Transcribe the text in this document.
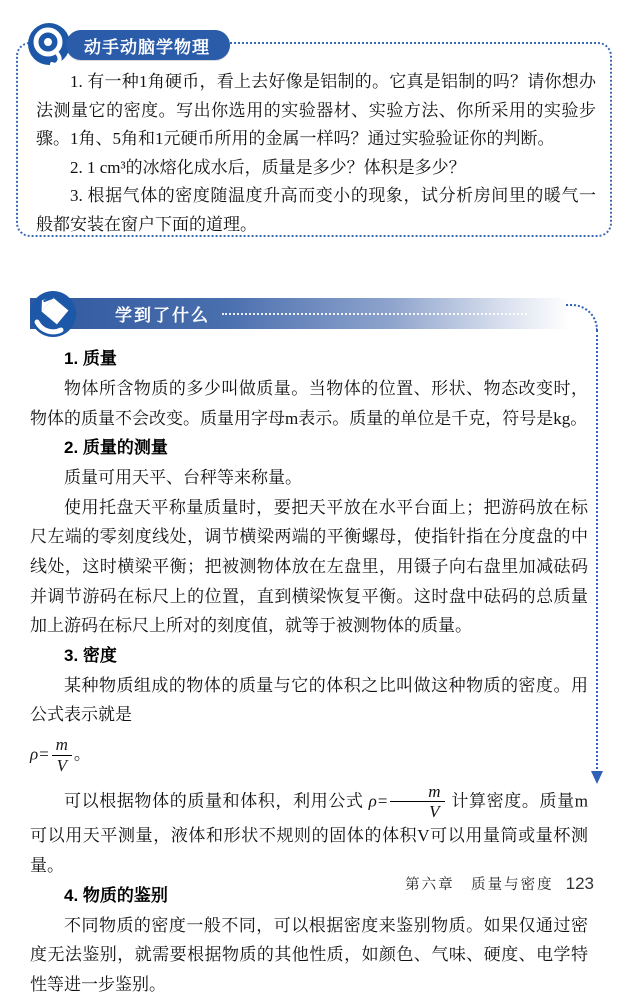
1. 有一种1角硬币，看上去好像是铝制的。它真是铝制的吗？请你想办法测量它的密度。写出你选用的实验器材、实验方法、你所采用的实验步骤。1角、5角和1元硬币所用的金属一样吗？通过实验验证你的判断。

2. 1 cm³的冰熔化成水后，质量是多少？体积是多少？

3. 根据气体的密度随温度升高而变小的现象，试分析房间里的暖气一般都安装在窗户下面的道理。

动手动脑学物理
学到了什么
1. 质量

物体所含物质的多少叫做质量。当物体的位置、形状、物态改变时，物体的质量不会改变。质量用字母m表示。质量的单位是千克，符号是kg。

2. 质量的测量

质量可用天平、台秤等来称量。

使用托盘天平称量质量时，要把天平放在水平台面上；把游码放在标尺左端的零刻度线处，调节横梁两端的平衡螺母，使指针指在分度盘的中线处，这时横梁平衡；把被测物体放在左盘里，用镊子向右盘里加减砝码并调节游码在标尺上的位置，直到横梁恢复平衡。这时盘中砝码的总质量加上游码在标尺上所对的刻度值，就等于被测物体的质量。

3. 密度

某种物质组成的物体的质量与它的体积之比叫做这种物质的密度。用公式表示就是

$\rho= \frac{m}{V}$ 。

可以根据物体的质量和体积，利用公式 $\rho= \frac{m}{V}$ 计算密度。质量m可以用天平测量，液体和形状不规则的固体的体积V可以用量筒或量杯测量。

4. 物质的鉴别

不同物质的密度一般不同，可以根据密度来鉴别物质。如果仅通过密度无法鉴别，就需要根据物质的其他性质，如颜色、气味、硬度、电学特性等进一步鉴别。

第六章　质量与密度 123
